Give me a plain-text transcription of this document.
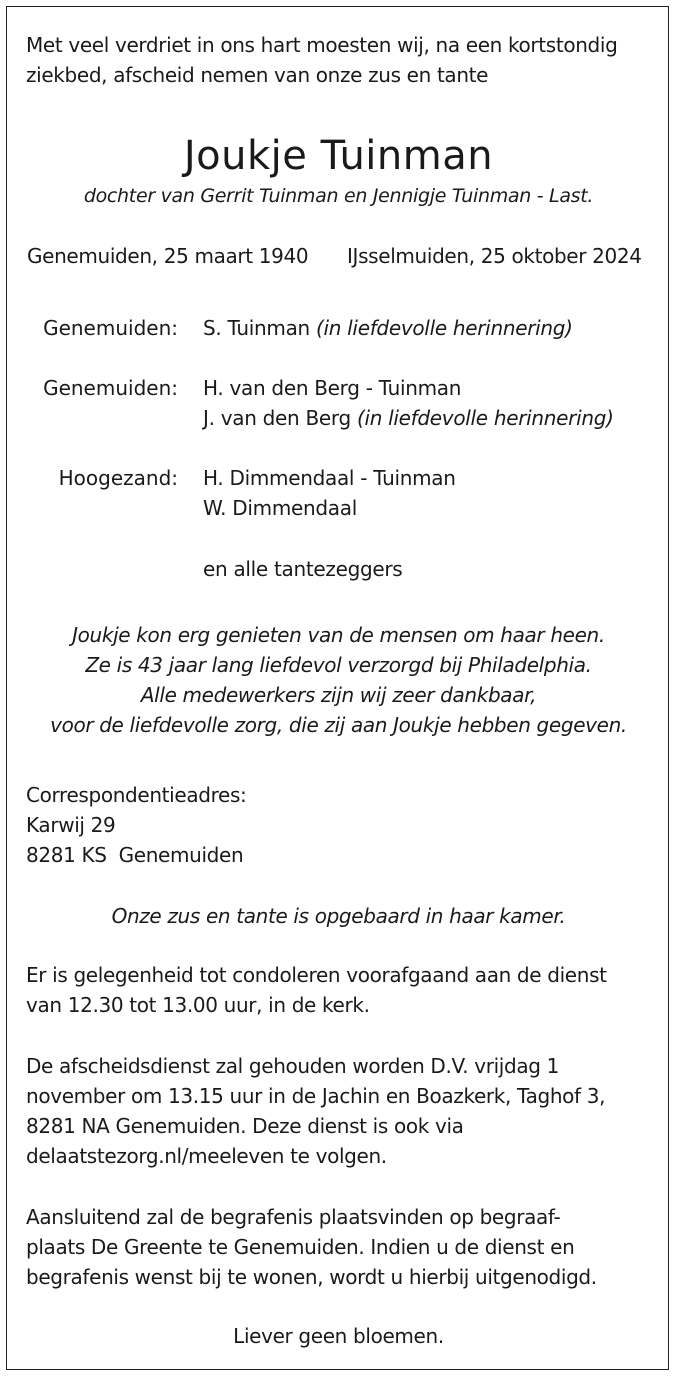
Met veel verdriet in ons hart moesten wij, na een kortstondig
ziekbed, afscheid nemen van onze zus en tante
Joukje Tuinman
dochter van Gerrit Tuinman en Jennigje Tuinman - Last.
Genemuiden, 25 maart 1940 IJsselmuiden, 25 oktober 2024
Genemuiden: S. Tuinman (in liefdevolle herinnering)
Genemuiden: H. van den Berg - Tuinman
J. van den Berg (in liefdevolle herinnering)
Hoogezand: H. Dimmendaal - Tuinman
W. Dimmendaal
en alle tantezeggers
Joukje kon erg genieten van de mensen om haar heen.
Ze is 43 jaar lang liefdevol verzorgd bij Philadelphia.
Alle medewerkers zijn wij zeer dankbaar,
voor de liefdevolle zorg, die zij aan Joukje hebben gegeven.
Correspondentieadres:
Karwij 29
8281 KS  Genemuiden
Onze zus en tante is opgebaard in haar kamer.
Er is gelegenheid tot condoleren voorafgaand aan de dienst
van 12.30 tot 13.00 uur, in de kerk.
De afscheidsdienst zal gehouden worden D.V. vrijdag 1
november om 13.15 uur in de Jachin en Boazkerk, Taghof 3,
8281 NA Genemuiden. Deze dienst is ook via
delaatstezorg.nl/meeleven te volgen.
Aansluitend zal de begrafenis plaatsvinden op begraaf-
plaats De Greente te Genemuiden. Indien u de dienst en
begrafenis wenst bij te wonen, wordt u hierbij uitgenodigd.
Liever geen bloemen.
